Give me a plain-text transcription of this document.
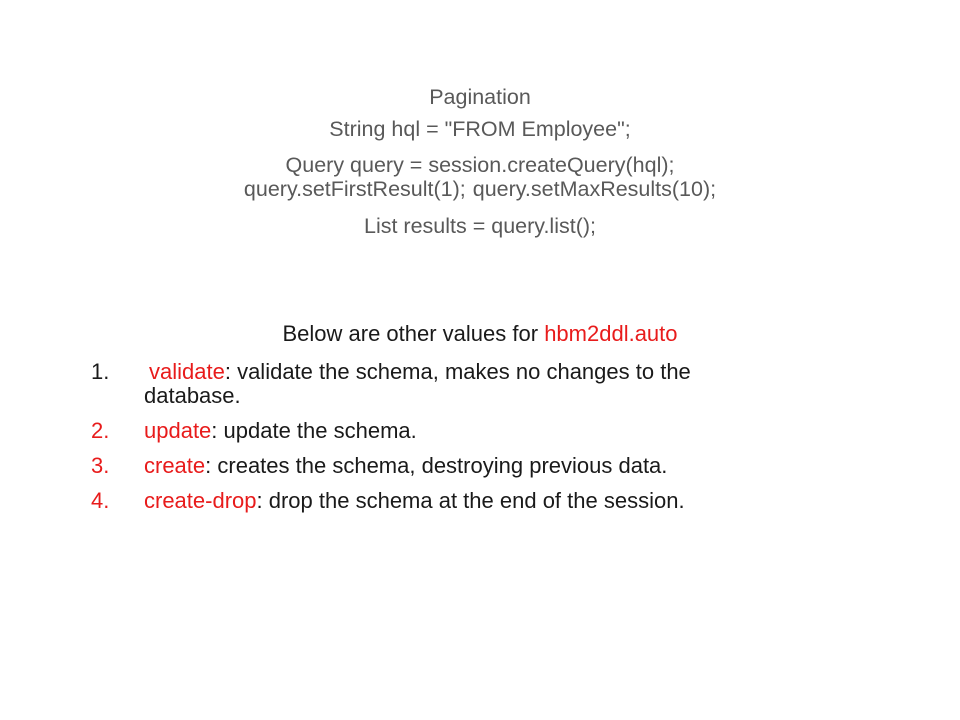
Pagination
String hql = "FROM Employee";
Query query = session.createQuery(hql);
query.setFirstResult(1); query.setMaxResults(10);
List results = query.list();
Below are other values for hbm2ddl.auto
1. validate: validate the schema, makes no changes to the
database.
2. update: update the schema.
3. create: creates the schema, destroying previous data.
4. create-drop: drop the schema at the end of the session.
